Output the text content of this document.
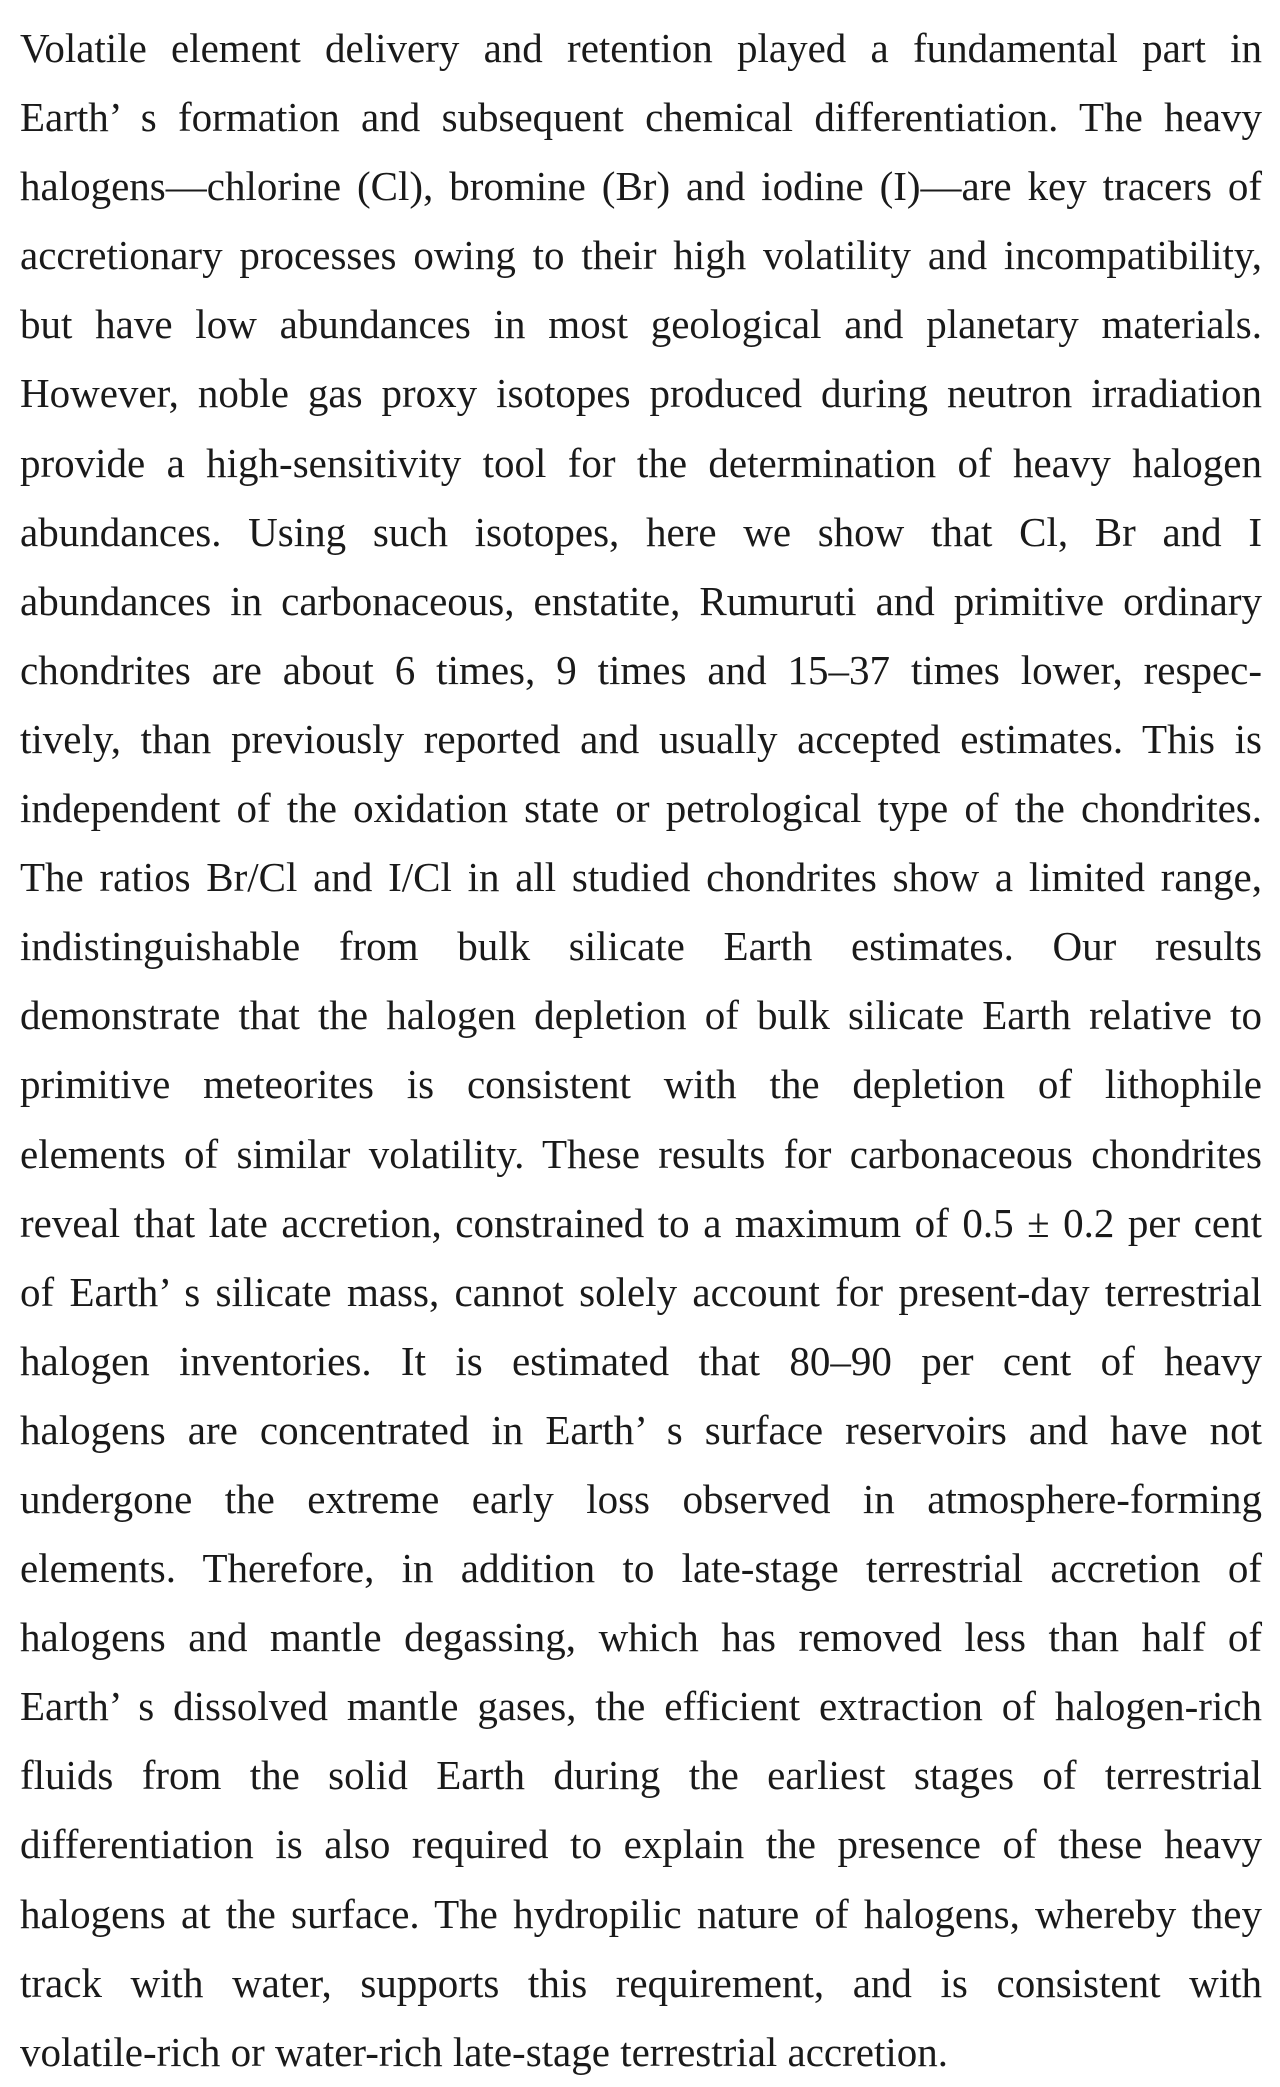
Volatile element delivery and retention played a fundamental part in
Earth’ s formation and subsequent chemical differentiation. The heavy
halogens—chlorine (Cl), bromine (Br) and iodine (I)—are key tracers of
accretionary processes owing to their high volatility and incompatibility,
but have low abundances in most geological and planetary materials.
However, noble gas proxy isotopes produced during neutron irradiation
provide a high-sensitivity tool for the determination of heavy halogen
abundances. Using such isotopes, here we show that Cl, Br and I
abundances in carbonaceous, enstatite, Rumuruti and primitive ordinary
chondrites are about 6 times, 9 times and 15–37 times lower, respec-
tively, than previously reported and usually accepted estimates. This is
independent of the oxidation state or petrological type of the chondrites.
The ratios Br/Cl and I/Cl in all studied chondrites show a limited range,
indistinguishable from bulk silicate Earth estimates. Our results
demonstrate that the halogen depletion of bulk silicate Earth relative to
primitive meteorites is consistent with the depletion of lithophile
elements of similar volatility. These results for carbonaceous chondrites
reveal that late accretion, constrained to a maximum of 0.5 ± 0.2 per cent
of Earth’ s silicate mass, cannot solely account for present-day terrestrial
halogen inventories. It is estimated that 80–90 per cent of heavy
halogens are concentrated in Earth’ s surface reservoirs and have not
undergone the extreme early loss observed in atmosphere-forming
elements. Therefore, in addition to late-stage terrestrial accretion of
halogens and mantle degassing, which has removed less than half of
Earth’ s dissolved mantle gases, the efficient extraction of halogen-rich
fluids from the solid Earth during the earliest stages of terrestrial
differentiation is also required to explain the presence of these heavy
halogens at the surface. The hydropilic nature of halogens, whereby they
track with water, supports this requirement, and is consistent with
volatile-rich or water-rich late-stage terrestrial accretion.
